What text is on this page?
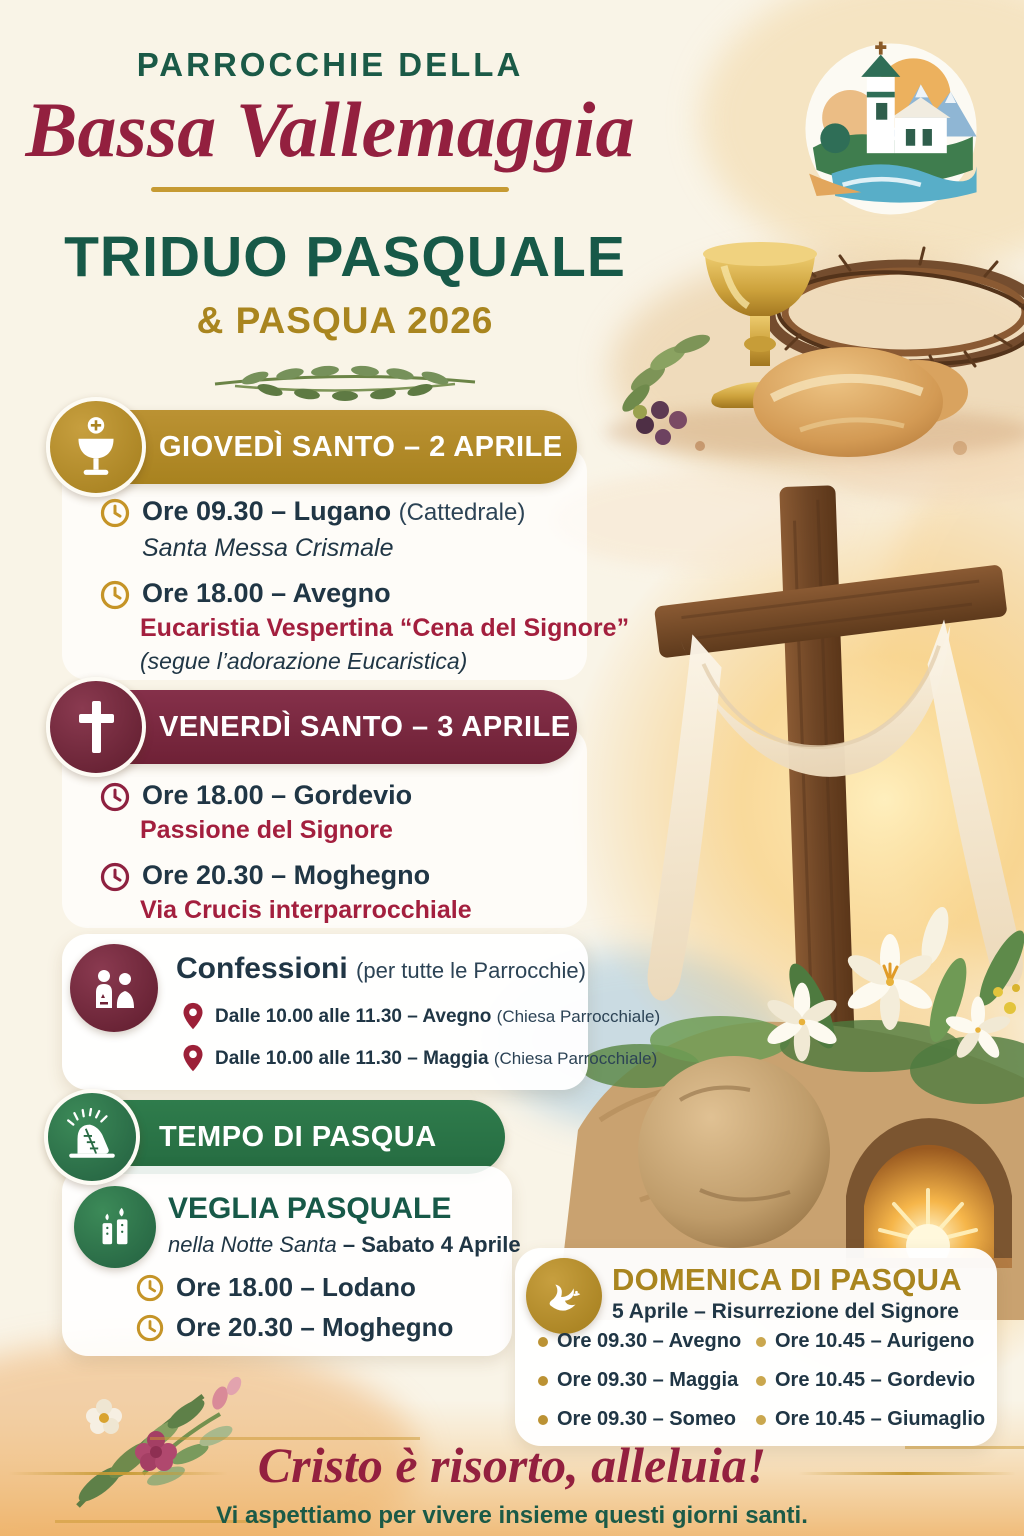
PARROCCHIE DELLA
Bassa Vallemaggia
TRIDUO PASQUALE
& PASQUA 2026
GIOVEDÌ SANTO – 2 APRILE
Ore 09.30 – Lugano (Cattedrale)
Santa Messa Crismale
Ore 18.00 – Avegno
Eucaristia Vespertina “Cena del Signore”
(segue l’adorazione Eucaristica)
VENERDÌ SANTO – 3 APRILE
Ore 18.00 – Gordevio
Passione del Signore
Ore 20.30 – Moghegno
Via Crucis interparrocchiale
Confessioni (per tutte le Parrocchie)
Dalle 10.00 alle 11.30 – Avegno (Chiesa Parrocchiale)
Dalle 10.00 alle 11.30 – Maggia (Chiesa Parrocchiale)
TEMPO DI PASQUA
VEGLIA PASQUALE
nella Notte Santa – Sabato 4 Aprile
Ore 18.00 – Lodano
Ore 20.30 – Moghegno
DOMENICA DI PASQUA
5 Aprile – Risurrezione del Signore
Ore 09.30 – Avegno
Ore 09.30 – Maggia
Ore 09.30 – Someo
Ore 10.45 – Aurigeno
Ore 10.45 – Gordevio
Ore 10.45 – Giumaglio
Cristo è risorto, alleluia!
Vi aspettiamo per vivere insieme questi giorni santi.
